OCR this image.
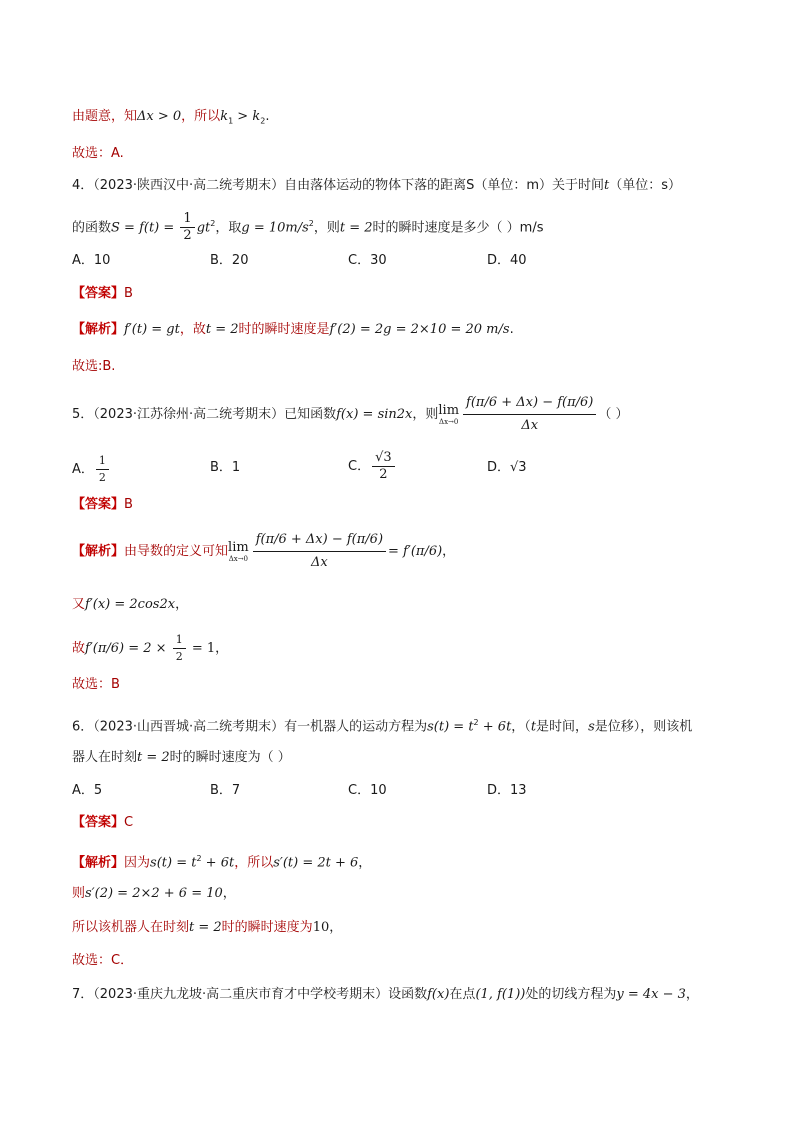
由题意，知Δx > 0，所以$k_1 > k_2$.
故选：A.
4．（2023·陕西汉中·高二统考期末）自由落体运动的物体下落的距离S（单位：m）关于时间t（单位：s）
的函数$S = f(t) = \frac{1}{2} gt^2$，取$g = 10m/s^2$，则t = 2时的瞬时速度是多少（ ）m/s
A．10	B．20	C．30	D．40
【答案】B
【解析】f′(t) = gt，故t = 2时的瞬时速度是f′(2) = 2g = 2×10 = 20 m/s.
故选:B.
5．（2023·江苏徐州·高二统考期末）已知函数f(x) = sin2x，则 lim
$\Delta x\to 0 \frac{f(\pi/6 + \Delta x) - f(\pi/6)}{\Delta x}$ （ ）
A． $\frac{1}{2}$	B．1	C． $\frac{√3}{2}$	D．√3
【答案】B
【解析】由导数的定义可知 lim
$\Delta x\to 0 \frac{f(\pi/6 + \Delta x) - f(\pi/6)}{\Delta x} = f'(\pi/6)$，
又f′(x) = 2cos2x，
故$f'(\pi/6) = 2 \times \frac{1}{2} = 1$，
故选：B
6．（2023·山西晋城·高二统考期末）有一机器人的运动方程为$s(t) = t^2 + 6t$，（t是时间，s是位移），则该机
器人在时刻t = 2时的瞬时速度为（ ）
A．5	B．7	C．10	D．13
【答案】C
【解析】因为$s(t) = t^2 + 6t$，所以s′(t) = 2t + 6，
则s′(2) = 2×2 + 6 = 10，
所以该机器人在时刻t = 2时的瞬时速度为10，
故选：C．
7．（2023·重庆九龙坡·高二重庆市育才中学校考期末）设函数f(x)在点(1, f(1))处的切线方程为y = 4x − 3，
